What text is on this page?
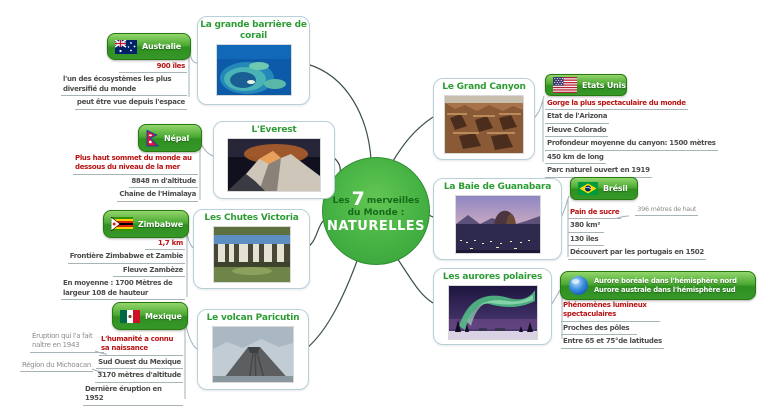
Les 7 merveilles
du Monde :
NATURELLES
La grande barrière de corail
Australie
900 îles
l'un des écosystèmes les plus diversifié du monde
peut être vue depuis l'espace
L'Everest
Népal
Plus haut sommet du monde au dessous du niveau de la mer
8848 m d'altitude
Chaine de l'Himalaya
Les Chutes Victoria
Zimbabwe
1,7 km
Frontière Zimbabwe et Zambie
Fleuve Zambèze
En moyenne : 1700 Mètres de largeur 108 de hauteur
Le volcan Paricutin
Mexique
Éruption qui l'a fait naître en 1943
Région du Michoacan
L'humanité a connu sa naissance
Sud Ouest du Mexique
3170 mètres d'altitude
Dernière éruption en 1952
Le Grand Canyon	Etats Unis
Gorge la plus spectaculaire du monde
Etat de l'Arizona
Fleuve Colorado
Profondeur moyenne du canyon: 1500 mètres
450 km de long
Parc naturel ouvert en 1919
La Baie de Guanabara	Brésil
Pain de sucre	396 mètres de haut
380 km²
130 îles
Découvert par les portugais en 1502
Les aurores polaires	Aurore boréale dans l'hémisphère nord
Aurore australe dans l'hémisphère sud
Phénomènes lumineux spectaculaires
Proches des pôles
Entre 65 et 75°de latitudes
